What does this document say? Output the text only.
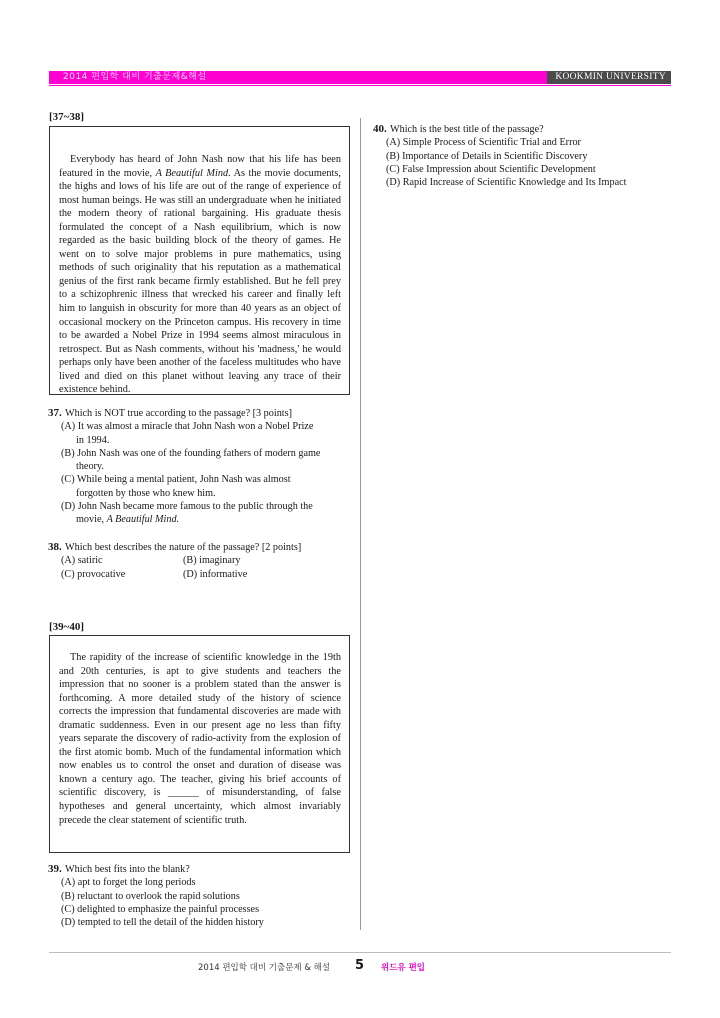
2014 편입학 대비 기출문제&해설	KOOKMIN UNIVERSITY
[37~38]

Everybody has heard of John Nash now that his life has been featured in the movie, A Beautiful Mind. As the movie documents, the highs and lows of his life are out of the range of experience of most human beings. He was still an undergraduate when he initiated the modern theory of rational bargaining. His graduate thesis formulated the concept of a Nash equilibrium, which is now regarded as the basic building block of the theory of games. He went on to solve major problems in pure mathematics, using methods of such originality that his reputation as a mathematical genius of the first rank became firmly established. But he fell prey to a schizophrenic illness that wrecked his career and finally left him to languish in obscurity for more than 40 years as an object of occasional mockery on the Princeton campus. His recovery in time to be awarded a Nobel Prize in 1994 seems almost miraculous in retrospect. But as Nash comments, without his 'madness,' he would perhaps only have been another of the faceless multitudes who have lived and died on this planet without leaving any trace of their existence behind.

37. Which is NOT true according to the passage? [3 points]
(A) It was almost a miracle that John Nash won a Nobel Prize
in 1994.
(B) John Nash was one of the founding fathers of modern game
theory.
(C) While being a mental patient, John Nash was almost
forgotten by those who knew him.
(D) John Nash became more famous to the public through the
movie, A Beautiful Mind.
38. Which best describes the nature of the passage? [2 points]
(A) satiric	(B) imaginary
(C) provocative	(D) informative
[39~40]

The rapidity of the increase of scientific knowledge in the 19th and 20th centuries, is apt to give students and teachers the impression that no sooner is a problem stated than the answer is forthcoming. A more detailed study of the history of science corrects the impression that fundamental discoveries are made with dramatic suddenness. Even in our present age no less than fifty years separate the discovery of radio-activity from the explosion of the first atomic bomb. Much of the fundamental information which now enables us to control the onset and duration of disease was known a century ago. The teacher, giving his brief accounts of scientific discovery, is ______ of misunderstanding, of false hypotheses and general uncertainty, which almost invariably precede the clear statement of scientific truth.

39. Which best fits into the blank?
(A) apt to forget the long periods
(B) reluctant to overlook the rapid solutions
(C) delighted to emphasize the painful processes
(D) tempted to tell the detail of the hidden history
40. Which is the best title of the passage?
(A) Simple Process of Scientific Trial and Error
(B) Importance of Details in Scientific Discovery
(C) False Impression about Scientific Development
(D) Rapid Increase of Scientific Knowledge and Its Impact
2014 편입학 대비 기출문제 & 해설 5 위드유 편입
